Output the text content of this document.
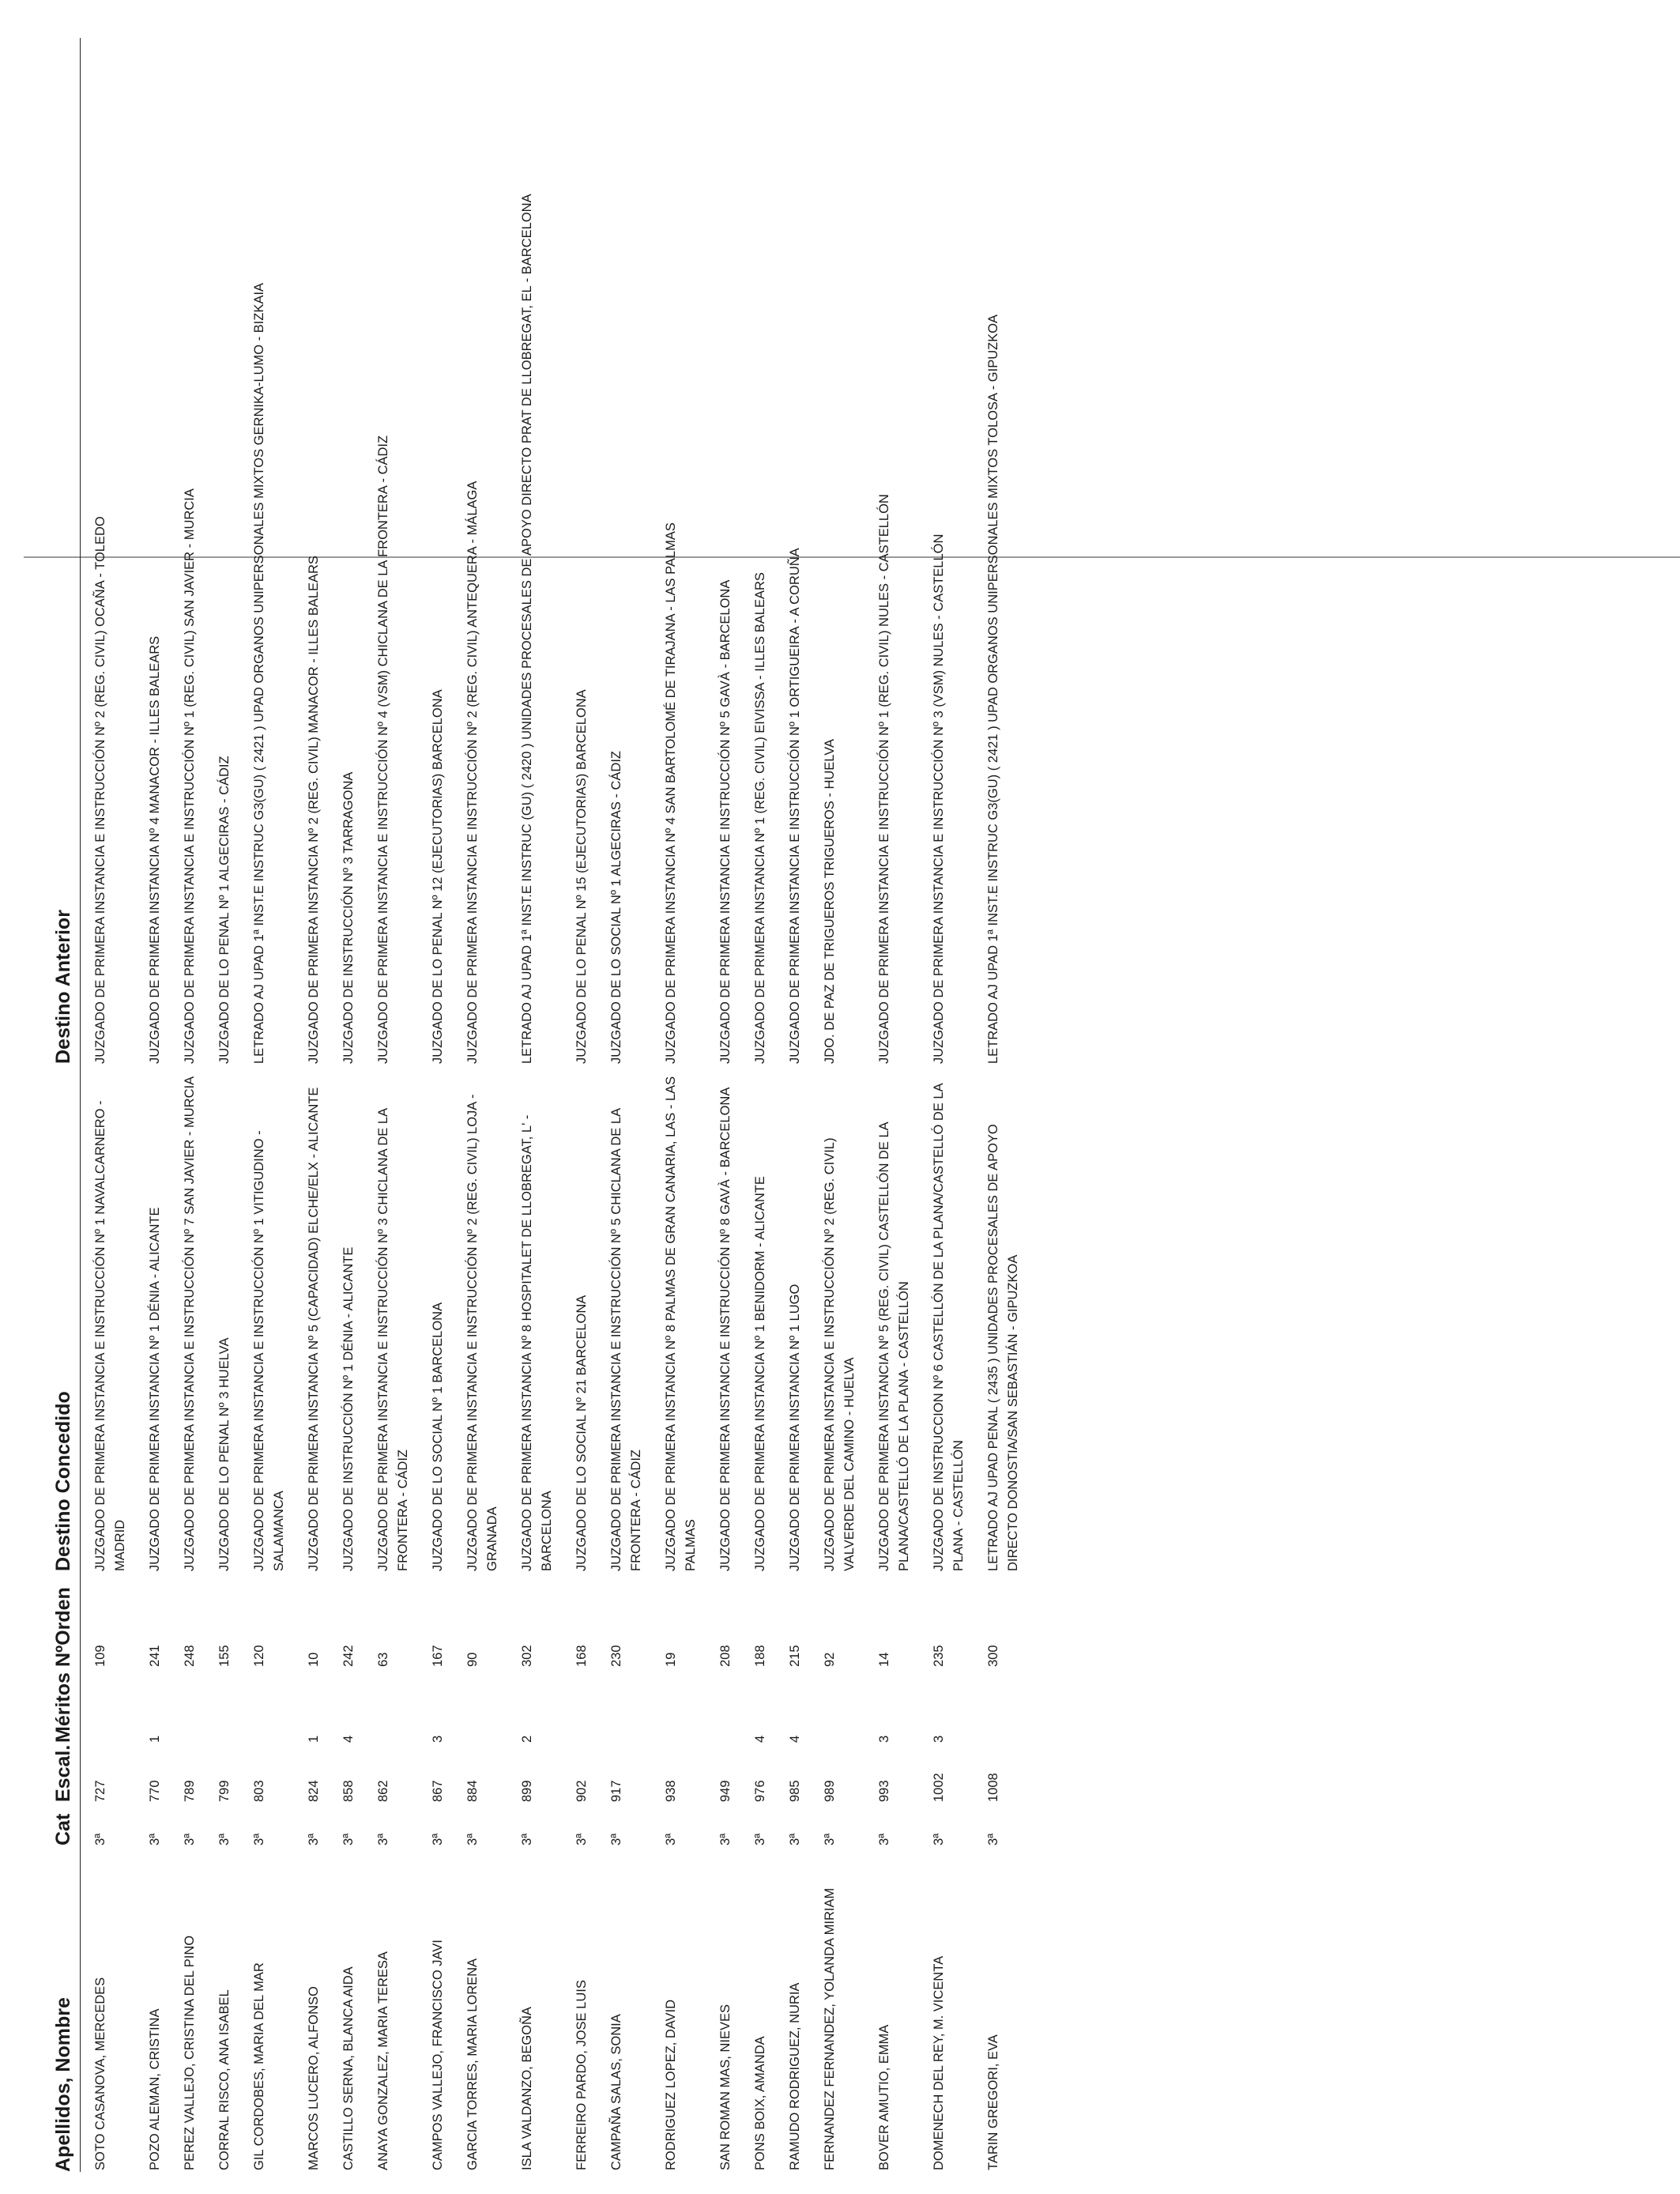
Apellidos, Nombre	Cat	Escal.	Méritos	NºOrden	Destino Concedido	Destino Anterior
SOTO CASANOVA, MERCEDES	3ª	727		109	JUZGADO DE PRIMERA INSTANCIA E INSTRUCCIÓN Nº 1 NAVALCARNERO - MADRID	JUZGADO DE PRIMERA INSTANCIA E INSTRUCCIÓN Nº 2 (REG. CIVIL) OCAÑA - TOLEDO
POZO ALEMAN, CRISTINA	3ª	770	1	241	JUZGADO DE PRIMERA INSTANCIA Nº 1 DÉNIA - ALICANTE	JUZGADO DE PRIMERA INSTANCIA Nº 4 MANACOR - ILLES BALEARS
PEREZ VALLEJO, CRISTINA DEL PINO	3ª	789		248	JUZGADO DE PRIMERA INSTANCIA E INSTRUCCIÓN Nº 7 SAN JAVIER - MURCIA	JUZGADO DE PRIMERA INSTANCIA E INSTRUCCIÓN Nº 1 (REG. CIVIL) SAN JAVIER - MURCIA
CORRAL RISCO, ANA ISABEL	3ª	799		155	JUZGADO DE LO PENAL Nº 3 HUELVA	JUZGADO DE LO PENAL Nº 1 ALGECIRAS - CÁDIZ
GIL CORDOBES, MARIA DEL MAR	3ª	803		120	JUZGADO DE PRIMERA INSTANCIA E INSTRUCCIÓN Nº 1 VITIGUDINO - SALAMANCA	LETRADO AJ UPAD 1ª INST.E INSTRUC G3(GU) ( 2421 ) UPAD ORGANOS UNIPERSONALES MIXTOS GERNIKA-LUMO - BIZKAIA
MARCOS LUCERO, ALFONSO	3ª	824	1	10	JUZGADO DE PRIMERA INSTANCIA Nº 5 (CAPACIDAD) ELCHE/ELX - ALICANTE	JUZGADO DE PRIMERA INSTANCIA Nº 2 (REG. CIVIL) MANACOR - ILLES BALEARS
CASTILLO SERNA, BLANCA AIDA	3ª	858	4	242	JUZGADO DE INSTRUCCIÓN Nº 1 DÉNIA - ALICANTE	JUZGADO DE INSTRUCCIÓN Nº 3 TARRAGONA
ANAYA GONZALEZ, MARIA TERESA	3ª	862		63	JUZGADO DE PRIMERA INSTANCIA E INSTRUCCIÓN Nº 3 CHICLANA DE LA FRONTERA - CÁDIZ	JUZGADO DE PRIMERA INSTANCIA E INSTRUCCIÓN Nº 4 (VSM) CHICLANA DE LA FRONTERA - CÁDIZ
CAMPOS VALLEJO, FRANCISCO JAVI	3ª	867	3	167	JUZGADO DE LO SOCIAL Nº 1 BARCELONA	JUZGADO DE LO PENAL Nº 12 (EJECUTORIAS) BARCELONA
GARCIA TORRES, MARIA LORENA	3ª	884		90	JUZGADO DE PRIMERA INSTANCIA E INSTRUCCIÓN Nº 2 (REG. CIVIL) LOJA - GRANADA	JUZGADO DE PRIMERA INSTANCIA E INSTRUCCIÓN Nº 2 (REG. CIVIL) ANTEQUERA - MÁLAGA
ISLA VALDANZO, BEGOÑA	3ª	899	2	302	JUZGADO DE PRIMERA INSTANCIA Nº 8 HOSPITALET DE LLOBREGAT, L' - BARCELONA	LETRADO AJ UPAD 1ª INST.E INSTRUC (GU) ( 2420 ) UNIDADES PROCESALES DE APOYO DIRECTO PRAT DE LLOBREGAT, EL - BARCELONA
FERREIRO PARDO, JOSE LUIS	3ª	902		168	JUZGADO DE LO SOCIAL Nº 21 BARCELONA	JUZGADO DE LO PENAL Nº 15 (EJECUTORIAS) BARCELONA
CAMPAÑA SALAS, SONIA	3ª	917		230	JUZGADO DE PRIMERA INSTANCIA E INSTRUCCIÓN Nº 5 CHICLANA DE LA FRONTERA - CÁDIZ	JUZGADO DE LO SOCIAL Nº 1 ALGECIRAS - CÁDIZ
RODRIGUEZ LOPEZ, DAVID	3ª	938		19	JUZGADO DE PRIMERA INSTANCIA Nº 8 PALMAS DE GRAN CANARIA, LAS - LAS PALMAS	JUZGADO DE PRIMERA INSTANCIA Nº 4 SAN BARTOLOMÉ DE TIRAJANA - LAS PALMAS
SAN ROMAN MAS, NIEVES	3ª	949		208	JUZGADO DE PRIMERA INSTANCIA E INSTRUCCIÓN Nº 8 GAVÀ - BARCELONA	JUZGADO DE PRIMERA INSTANCIA E INSTRUCCIÓN Nº 5 GAVÀ - BARCELONA
PONS BOIX, AMANDA	3ª	976	4	188	JUZGADO DE PRIMERA INSTANCIA Nº 1 BENIDORM - ALICANTE	JUZGADO DE PRIMERA INSTANCIA Nº 1 (REG. CIVIL) EIVISSA - ILLES BALEARS
RAMUDO RODRIGUEZ, NURIA	3ª	985	4	215	JUZGADO DE PRIMERA INSTANCIA Nº 1 LUGO	JUZGADO DE PRIMERA INSTANCIA E INSTRUCCIÓN Nº 1 ORTIGUEIRA - A CORUÑA
FERNANDEZ FERNANDEZ, YOLANDA MIRIAM	3ª	989		92	JUZGADO DE PRIMERA INSTANCIA E INSTRUCCIÓN Nº 2 (REG. CIVIL) VALVERDE DEL CAMINO - HUELVA	JDO. DE PAZ DE TRIGUEROS TRIGUEROS - HUELVA
BOVER AMUTIO, EMMA	3ª	993	3	14	JUZGADO DE PRIMERA INSTANCIA Nº 5 (REG. CIVIL) CASTELLÓN DE LA PLANA/CASTELLÓ DE LA PLANA - CASTELLÓN	JUZGADO DE PRIMERA INSTANCIA E INSTRUCCIÓN Nº 1 (REG. CIVIL) NULES - CASTELLÓN
DOMENECH DEL REY, M. VICENTA	3ª	1002	3	235	JUZGADO DE INSTRUCCION Nº 6 CASTELLÓN DE LA PLANA/CASTELLÓ DE LA PLANA - CASTELLÓN	JUZGADO DE PRIMERA INSTANCIA E INSTRUCCIÓN Nº 3 (VSM) NULES - CASTELLÓN
TARIN GREGORI, EVA	3ª	1008		300	LETRADO AJ UPAD PENAL ( 2435 ) UNIDADES PROCESALES DE APOYO DIRECTO DONOSTIA/SAN SEBASTIÁN - GIPUZKOA	LETRADO AJ UPAD 1ª INST.E INSTRUC G3(GU) ( 2421 ) UPAD ORGANOS UNIPERSONALES MIXTOS TOLOSA - GIPUZKOA
